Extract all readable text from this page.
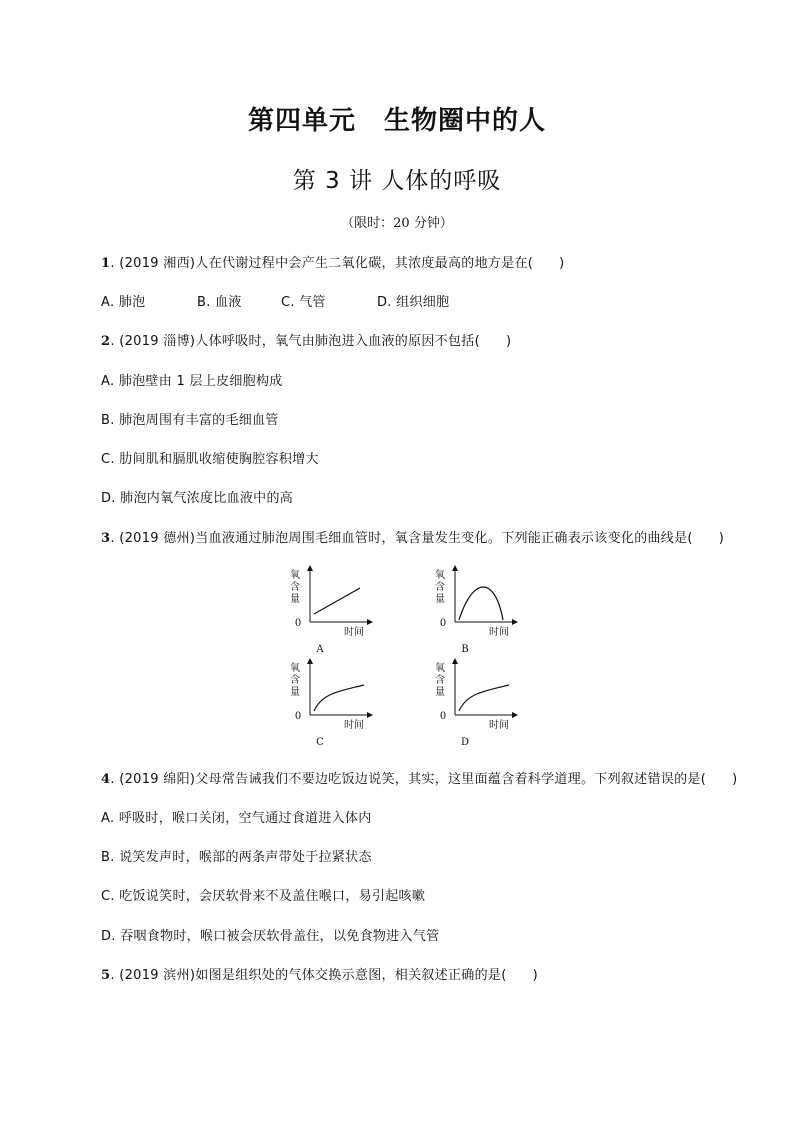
第四单元 生物圈中的人
第 3 讲 人体的呼吸
（限时：20 分钟）
1. (2019 湘西)人在代谢过程中会产生二氧化碳，其浓度最高的地方是在( )
A. 肺泡	B. 血液	C. 气管	D. 组织细胞
2. (2019 淄博)人体呼吸时，氧气由肺泡进入血液的原因不包括( )
A. 肺泡壁由 1 层上皮细胞构成
B. 肺泡周围有丰富的毛细血管
C. 肋间肌和膈肌收缩使胸腔容积增大
D. 肺泡内氧气浓度比血液中的高
3. (2019 德州)当血液通过肺泡周围毛细血管时，氧含量发生变化。下列能正确表示该变化的曲线是( )
氧
含
量
0
时间
A
氧
含
量
0
时间
B
氧
含
量
0
时间
C
氧
含
量
0
时间
D
4. (2019 绵阳)父母常告诫我们不要边吃饭边说笑，其实，这里面蕴含着科学道理。下列叙述错误的是( )
A. 呼吸时，喉口关闭，空气通过食道进入体内
B. 说笑发声时，喉部的两条声带处于拉紧状态
C. 吃饭说笑时，会厌软骨来不及盖住喉口，易引起咳嗽
D. 吞咽食物时，喉口被会厌软骨盖住，以免食物进入气管
5. (2019 滨州)如图是组织处的气体交换示意图，相关叙述正确的是( )
